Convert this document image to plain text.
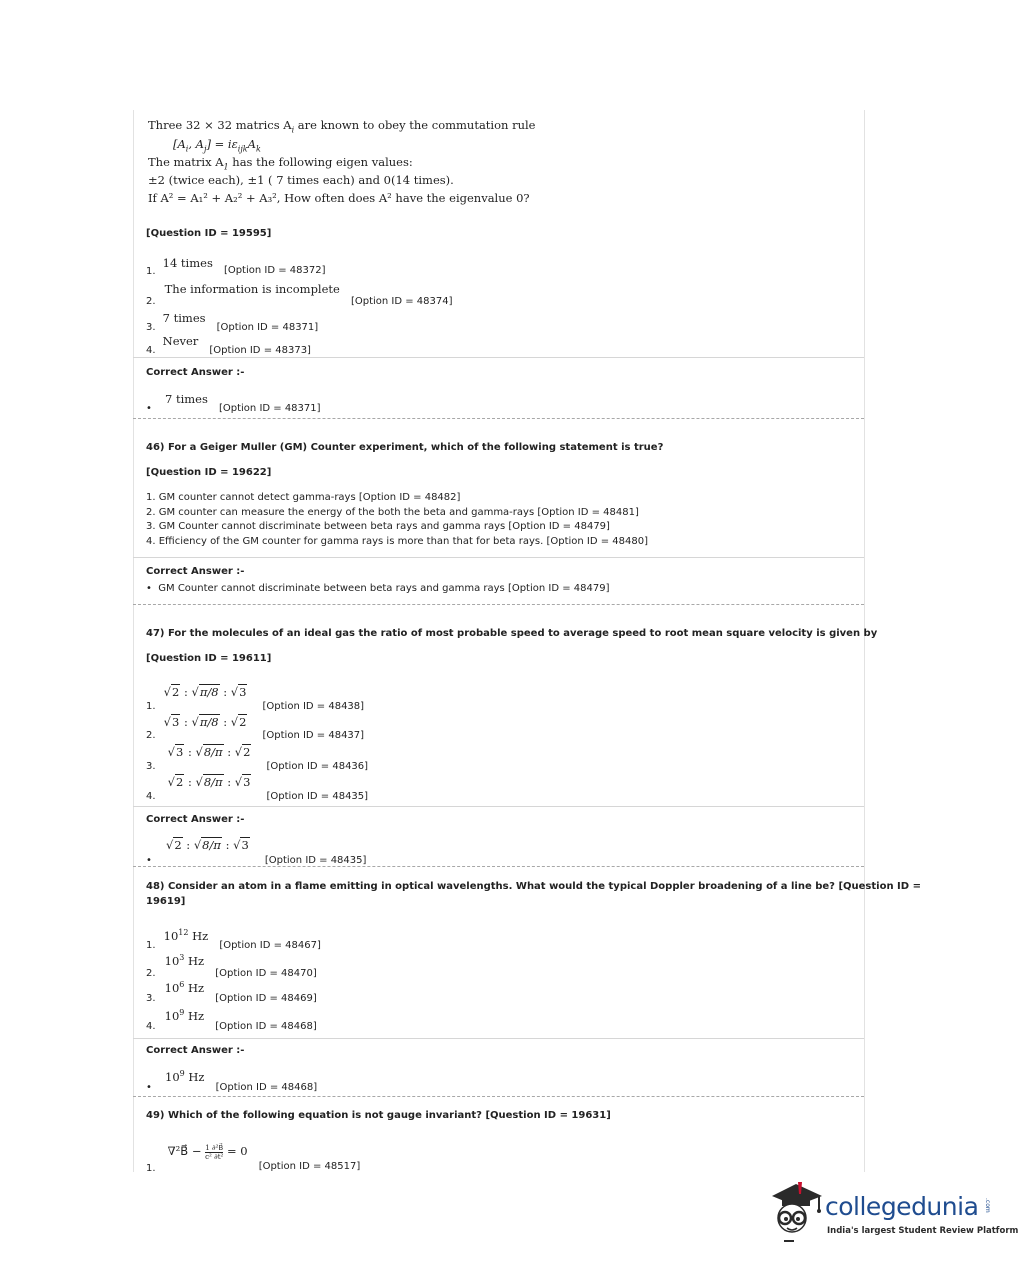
Three 32 × 32 matrics $A_i$ are known to obey the commutation rule
[$A_i$, $A_j] = i\varepsilon_{ijk}A_k$
The matrix $A_1$ has the following eigen values:
±2 (twice each), ±1 ( 7 times each) and 0(14 times).
If A² = A₁² + A₂² + A₃², How often does A² have the eigenvalue 0?
[Question ID = 19595]
$_{1.}$ 14 times $_{[Option ID = 48372]}$
$_{2.}$ The information is incomplete $_{[Option ID = 48374]}$
$_{3.}$ 7 times $_{[Option ID = 48371]}$
$_{4.}$ Never $_{[Option ID = 48373]}$
Correct Answer :-
$_•$ 7 times $_{[Option ID = 48371]}$
46) For a Geiger Muller (GM) Counter experiment, which of the following statement is true?
[Question ID = 19622]
1. GM counter cannot detect gamma-rays [Option ID = 48482]
2. GM counter can measure the energy of the both the beta and gamma-rays [Option ID = 48481]
3. GM Counter cannot discriminate between beta rays and gamma rays [Option ID = 48479]
4. Efficiency of the GM counter for gamma rays is more than that for beta rays. [Option ID = 48480]
Correct Answer :-
• GM Counter cannot discriminate between beta rays and gamma rays [Option ID = 48479]
47) For the molecules of an ideal gas the ratio of most probable speed to average speed to root mean square velocity is given by
[Question ID = 19611]
$_{1.}$ √2 : √π/8 : √3 $_{[Option ID = 48438]}$
$_{2.}$ √3 : √π/8 : √2 $_{[Option ID = 48437]}$
$_{3.}$ √3 : √8/π : √2 $_{[Option ID = 48436]}$
$_{4.}$ √2 : √8/π : √3 $_{[Option ID = 48435]}$
Correct Answer :-
$_•$ √2 : √8/π : √3 $_{[Option ID = 48435]}$
48) Consider an atom in a flame emitting in optical wavelengths. What would the typical Doppler broadening of a line be? [Question ID =
19619]
$_{1.}$ $10^{12}$ Hz $_{[Option ID = 48467]}$
$_{2.}$ $10^3$ Hz $_{[Option ID = 48470]}$
$_{3.}$ $10^6$ Hz $_{[Option ID = 48469]}$
$_{4.}$ $10^9$ Hz $_{[Option ID = 48468]}$
Correct Answer :-
$_•$ $10^9$ Hz $_{[Option ID = 48468]}$
49) Which of the following equation is not gauge invariant? [Question ID = 19631]
$_{1.}$ ∇²B⃗ − $\frac{\text{1 ∂²B⃗}}{\text{c² ∂t²}} = 0$ $_{[Option ID = 48517]}$
collegedunia .com
India's largest Student Review Platform
